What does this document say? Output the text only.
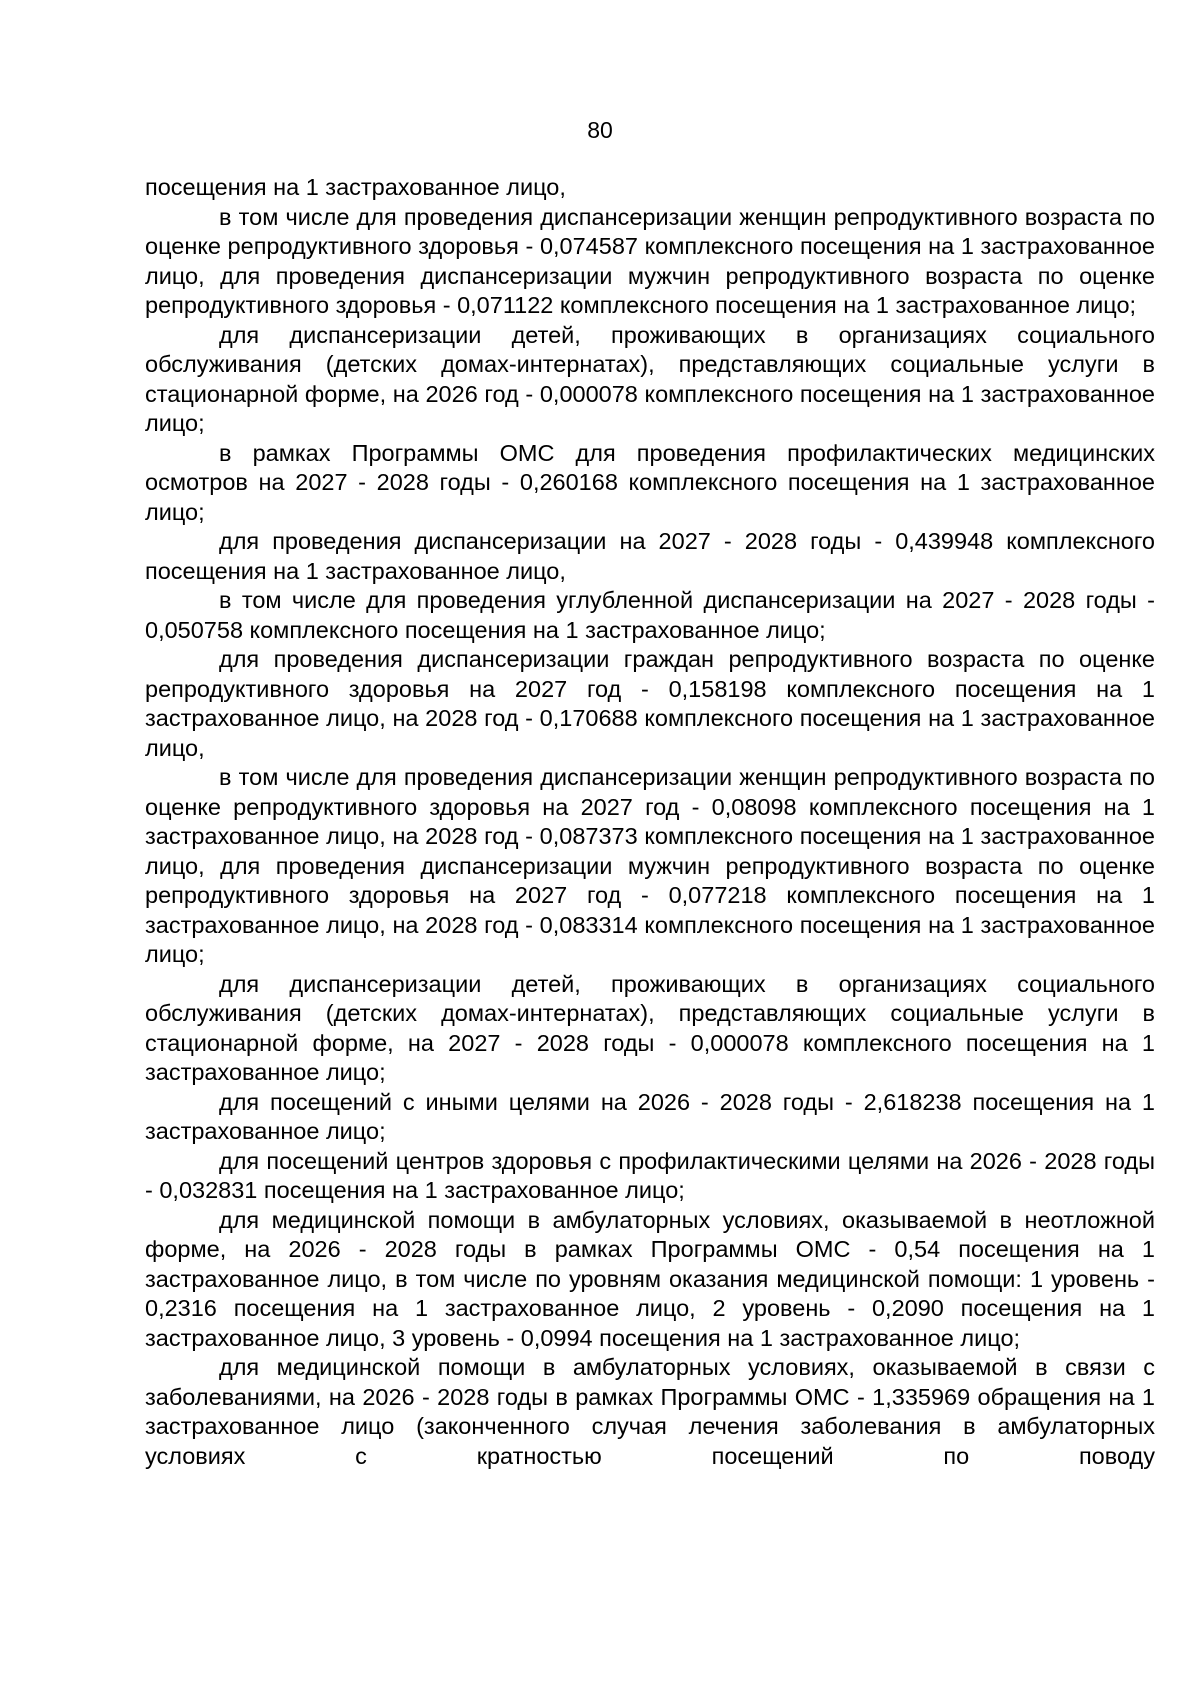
80

посещения на 1 застрахованное лицо,

в том числе для проведения диспансеризации женщин репродуктивного возраста по оценке репродуктивного здоровья - 0,074587 комплексного посещения на 1 застрахованное лицо, для проведения диспансеризации мужчин репродуктивного возраста по оценке репродуктивного здоровья - 0,071122 комплексного посещения на 1 застрахованное лицо;

для диспансеризации детей, проживающих в организациях социального обслуживания (детских домах-интернатах), представляющих социальные услуги в стационарной форме, на 2026 год - 0,000078 комплексного посещения на 1 застрахованное лицо;

в рамках Программы ОМС для проведения профилактических медицинских осмотров на 2027 - 2028 годы - 0,260168 комплексного посещения на 1 застрахованное лицо;

для проведения диспансеризации на 2027 - 2028 годы - 0,439948 комплексного посещения на 1 застрахованное лицо,

в том числе для проведения углубленной диспансеризации на 2027 - 2028 годы - 0,050758 комплексного посещения на 1 застрахованное лицо;

для проведения диспансеризации граждан репродуктивного возраста по оценке репродуктивного здоровья на 2027 год - 0,158198 комплексного посещения на 1 застрахованное лицо, на 2028 год - 0,170688 комплексного посещения на 1 застрахованное лицо,

в том числе для проведения диспансеризации женщин репродуктивного возраста по оценке репродуктивного здоровья на 2027 год - 0,08098 комплексного посещения на 1 застрахованное лицо, на 2028 год - 0,087373 комплексного посещения на 1 застрахованное лицо, для проведения диспансеризации мужчин репродуктивного возраста по оценке репродуктивного здоровья на 2027 год - 0,077218 комплексного посещения на 1 застрахованное лицо, на 2028 год - 0,083314 комплексного посещения на 1 застрахованное лицо;

для диспансеризации детей, проживающих в организациях социального обслуживания (детских домах-интернатах), представляющих социальные услуги в стационарной форме, на 2027 - 2028 годы - 0,000078 комплексного посещения на 1 застрахованное лицо;

для посещений с иными целями на 2026 - 2028 годы - 2,618238 посещения на 1 застрахованное лицо;

для посещений центров здоровья с профилактическими целями на 2026 - 2028 годы - 0,032831 посещения на 1 застрахованное лицо;

для медицинской помощи в амбулаторных условиях, оказываемой в неотложной форме, на 2026 - 2028 годы в рамках Программы ОМС - 0,54 посещения на 1 застрахованное лицо, в том числе по уровням оказания медицинской помощи: 1 уровень - 0,2316 посещения на 1 застрахованное лицо, 2 уровень - 0,2090 посещения на 1 застрахованное лицо, 3 уровень - 0,0994 посещения на 1 застрахованное лицо;

для медицинской помощи в амбулаторных условиях, оказываемой в связи с заболеваниями, на 2026 - 2028 годы в рамках Программы ОМС - 1,335969 обращения на 1 застрахованное лицо (законченного случая лечения заболевания в амбулаторных условиях с кратностью посещений по поводу
